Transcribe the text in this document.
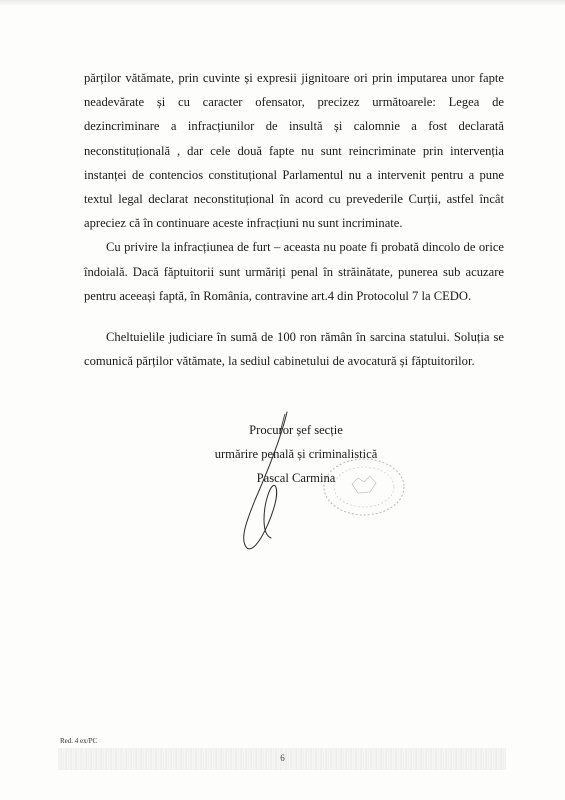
părților vătămate, prin cuvinte și expresii jignitoare ori prin imputarea unor fapte neadevărate și cu caracter ofensator, precizez următoarele: Legea de dezincriminare a infracțiunilor de insultă și calomnie a fost declarată neconstituțională , dar cele două fapte nu sunt reincriminate prin intervenția instanței de contencios constituțional Parlamentul nu a intervenit pentru a pune textul legal declarat neconstituțional în acord cu prevederile Curții, astfel încât apreciez că în continuare aceste infracțiuni nu sunt incriminate.

Cu privire la infracțiunea de furt – aceasta nu poate fi probată dincolo de orice îndoială. Dacă făptuitorii sunt urmăriți penal în străinătate, punerea sub acuzare pentru aceeași faptă, în România, contravine art.4 din Protocolul 7 la CEDO.

Cheltuielile judiciare în sumă de 100 ron rămân în sarcina statului. Soluția se comunică părților vătămate, la sediul cabinetului de avocatură și făptuitorilor.

Procuror șef secție
urmărire penală și criminalistică
Pascal Carmina
Red. 4 ex/PC
6
